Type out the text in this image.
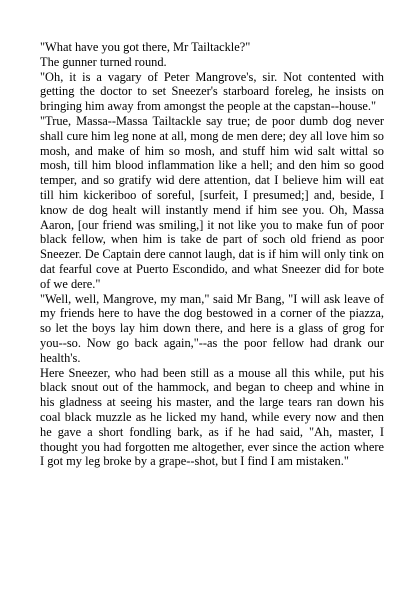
"What have you got there, Mr Tailtackle?"

The gunner turned round.

"Oh, it is a vagary of Peter Mangrove's, sir. Not contented with getting the doctor to set Sneezer's starboard foreleg, he insists on bringing him away from amongst the people at the capstan--house."

"True, Massa--Massa Tailtackle say true; de poor dumb dog never shall cure him leg none at all, mong de men dere; dey all love him so mosh, and make of him so mosh, and stuff him wid salt wittal so mosh, till him blood inflammation like a hell; and den him so good temper, and so gratify wid dere attention, dat I believe him will eat till him kickeriboo of soreful, [surfeit, I presumed;] and, beside, I know de dog healt will instantly mend if him see you. Oh, Massa Aaron, [our friend was smiling,] it not like you to make fun of poor black fellow, when him is take de part of soch old friend as poor Sneezer. De Captain dere cannot laugh, dat is if him will only tink on dat fearful cove at Puerto Escondido, and what Sneezer did for bote of we dere."

"Well, well, Mangrove, my man," said Mr Bang, "I will ask leave of my friends here to have the dog bestowed in a corner of the piazza, so let the boys lay him down there, and here is a glass of grog for you--so. Now go back again,"--as the poor fellow had drank our health's.

Here Sneezer, who had been still as a mouse all this while, put his black snout out of the hammock, and began to cheep and whine in his gladness at seeing his master, and the large tears ran down his coal black muzzle as he licked my hand, while every now and then he gave a short fondling bark, as if he had said, "Ah, master, I thought you had forgotten me altogether, ever since the action where I got my leg broke by a grape--shot, but I find I am mistaken."
